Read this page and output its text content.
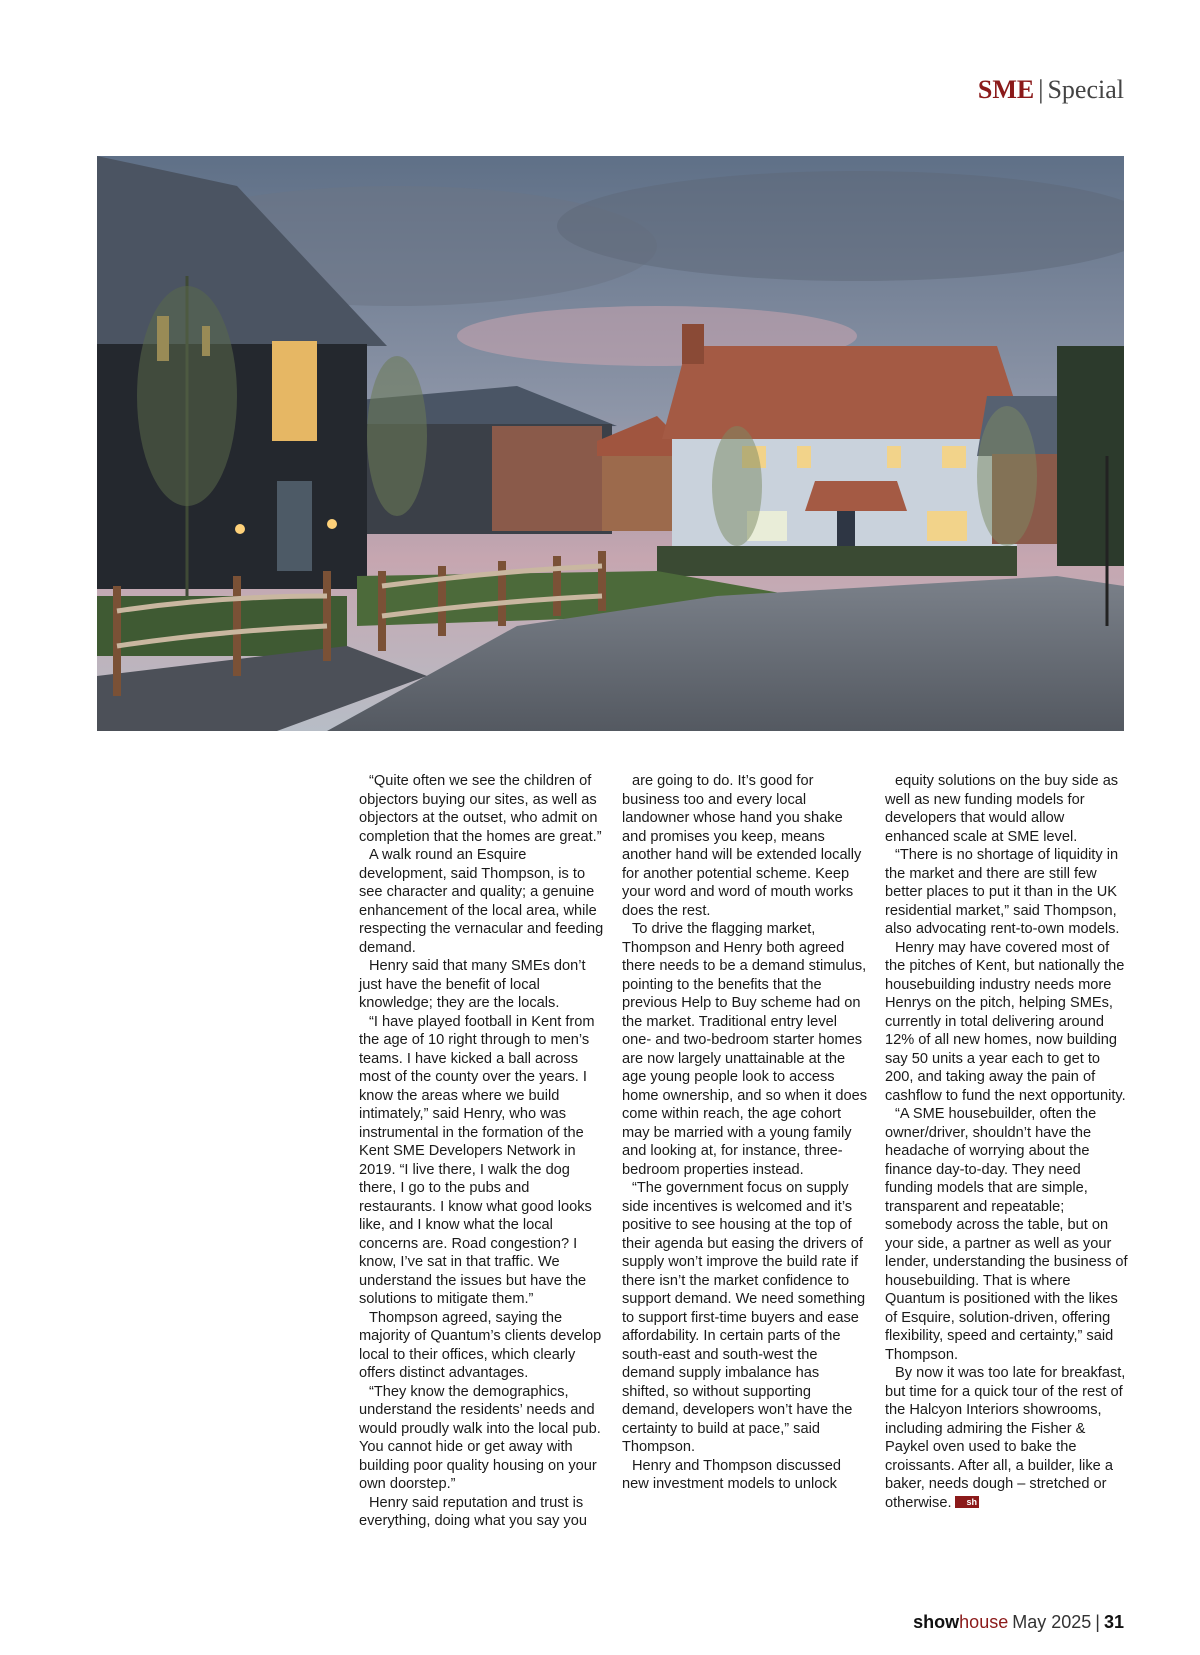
SME | Special

“Quite often we see the children of objectors buying our sites, as well as objectors at the outset, who admit on completion that the homes are great.”

A walk round an Esquire development, said Thompson, is to see character and quality; a genuine enhancement of the local area, while respecting the vernacular and feeding demand.

Henry said that many SMEs don’t just have the benefit of local knowledge; they are the locals.

“I have played football in Kent from the age of 10 right through to men’s teams. I have kicked a ball across most of the county over the years. I know the areas where we build intimately,” said Henry, who was instrumental in the formation of the Kent SME Developers Network in 2019. “I live there, I walk the dog there, I go to the pubs and restaurants. I know what good looks like, and I know what the local concerns are. Road congestion? I know, I’ve sat in that traffic. We understand the issues but have the solutions to mitigate them.”

Thompson agreed, saying the majority of Quantum’s clients develop local to their offices, which clearly offers distinct advantages.

“They know the demographics, understand the residents’ needs and would proudly walk into the local pub. You cannot hide or get away with building poor quality housing on your own doorstep.”

Henry said reputation and trust is everything, doing what you say you

are going to do. It’s good for business too and every local landowner whose hand you shake and promises you keep, means another hand will be extended locally for another potential scheme. Keep your word and word of mouth works does the rest.

To drive the flagging market, Thompson and Henry both agreed there needs to be a demand stimulus, pointing to the benefits that the previous Help to Buy scheme had on the market. Traditional entry level one- and two-bedroom starter homes are now largely unattainable at the age young people look to access home ownership, and so when it does come within reach, the age cohort may be married with a young family and looking at, for instance, three-bedroom properties instead.

“The government focus on supply side incentives is welcomed and it’s positive to see housing at the top of their agenda but easing the drivers of supply won’t improve the build rate if there isn’t the market confidence to support demand. We need something to support first-time buyers and ease affordability. In certain parts of the south-east and south-west the demand supply imbalance has shifted, so without supporting demand, developers won’t have the certainty to build at pace,” said Thompson.

Henry and Thompson discussed new investment models to unlock

equity solutions on the buy side as well as new funding models for developers that would allow enhanced scale at SME level.

“There is no shortage of liquidity in the market and there are still few better places to put it than in the UK residential market,” said Thompson, also advocating rent-to-own models.

Henry may have covered most of the pitches of Kent, but nationally the housebuilding industry needs more Henrys on the pitch, helping SMEs, currently in total delivering around 12% of all new homes, now building say 50 units a year each to get to 200, and taking away the pain of cashflow to fund the next opportunity.

“A SME housebuilder, often the owner/driver, shouldn’t have the headache of worrying about the finance day-to-day. They need funding models that are simple, transparent and repeatable; somebody across the table, but on your side, a partner as well as your lender, understanding the business of housebuilding. That is where Quantum is positioned with the likes of Esquire, solution-driven, offering flexibility, speed and certainty,” said Thompson.

By now it was too late for breakfast, but time for a quick tour of the rest of the Halcyon Interiors showrooms, including admiring the Fisher & Paykel oven used to bake the croissants. After all, a builder, like a baker, needs dough – stretched or otherwise. sh

showhouse May 2025 | 31
